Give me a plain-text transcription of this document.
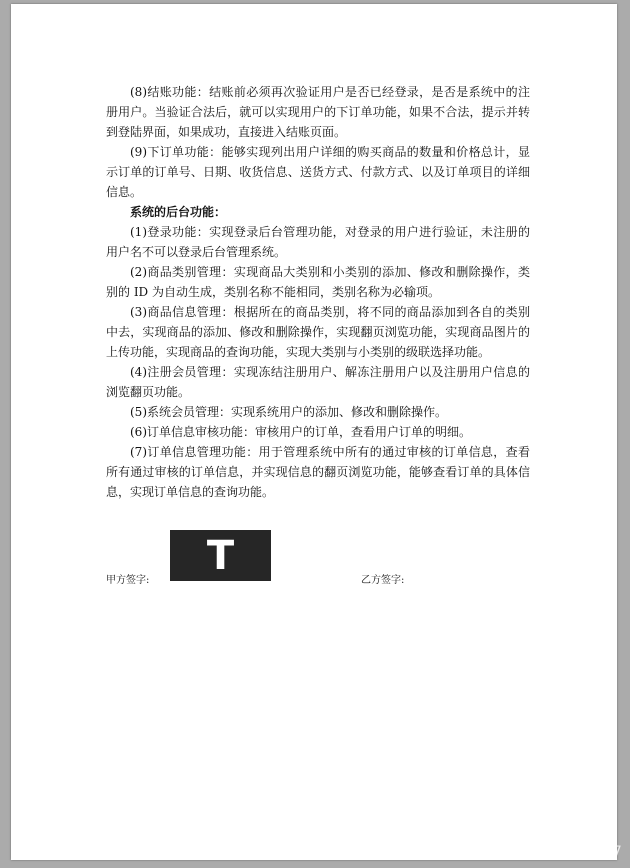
(8)结账功能：结账前必须再次验证用户是否已经登录，是否是系统中的注册用户。当验证合法后，就可以实现用户的下订单功能，如果不合法，提示并转到登陆界面，如果成功，直接进入结账页面。

(9)下订单功能：能够实现列出用户详细的购买商品的数量和价格总计，显示订单的订单号、日期、收货信息、送货方式、付款方式、以及订单项目的详细信息。

系统的后台功能：

(1)登录功能：实现登录后台管理功能，对登录的用户进行验证，未注册的用户名不可以登录后台管理系统。

(2)商品类别管理：实现商品大类别和小类别的添加、修改和删除操作，类别的 ID 为自动生成，类别名称不能相同，类别名称为必输项。

(3)商品信息管理：根据所在的商品类别，将不同的商品添加到各自的类别中去，实现商品的添加、修改和删除操作，实现翻页浏览功能，实现商品图片的上传功能，实现商品的查询功能，实现大类别与小类别的级联选择功能。

(4)注册会员管理：实现冻结注册用户、解冻注册用户以及注册用户信息的浏览翻页功能。

(5)系统会员管理：实现系统用户的添加、修改和删除操作。

(6)订单信息审核功能：审核用户的订单，查看用户订单的明细。

(7)订单信息管理功能：用于管理系统中所有的通过审核的订单信息，查看所有通过审核的订单信息，并实现信息的翻页浏览功能，能够查看订单的具体信息，实现订单信息的查询功能。

甲方签字:
T
乙方签字:
https://blog.csdn.net/qq_35077107
